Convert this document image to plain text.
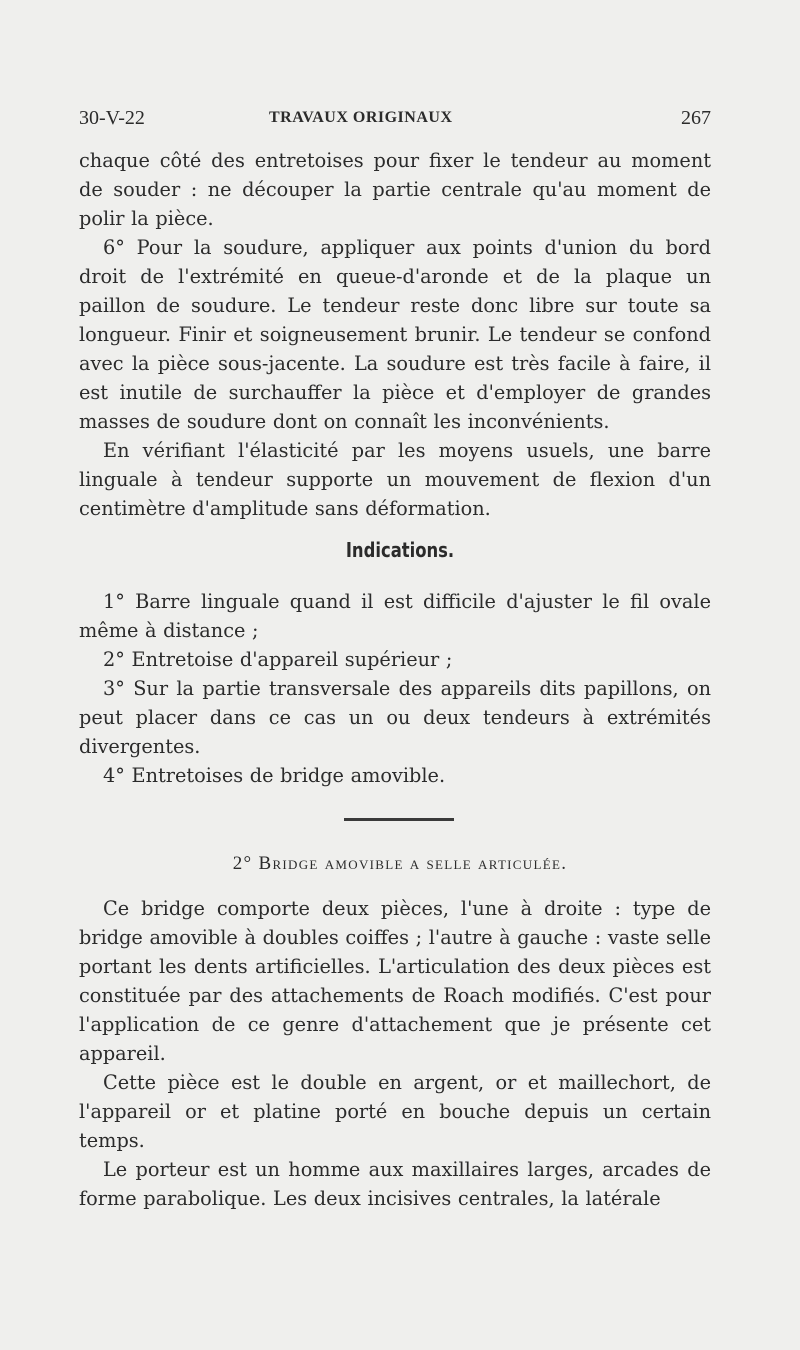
30-V-22	TRAVAUX ORIGINAUX	267

chaque côté des entretoises pour fixer le tendeur au moment de souder : ne découper la partie centrale qu'au moment de polir la pièce.

6° Pour la soudure, appliquer aux points d'union du bord droit de l'extrémité en queue-d'aronde et de la plaque un paillon de soudure. Le tendeur reste donc libre sur toute sa longueur. Finir et soigneusement brunir. Le tendeur se confond avec la pièce sous-jacente. La soudure est très facile à faire, il est inutile de surchauffer la pièce et d'employer de grandes masses de soudure dont on connaît les inconvénients.

En vérifiant l'élasticité par les moyens usuels, une barre linguale à tendeur supporte un mouvement de flexion d'un centimètre d'amplitude sans déformation.

Indications.

1° Barre linguale quand il est difficile d'ajuster le fil ovale même à distance ;

2° Entretoise d'appareil supérieur ;

3° Sur la partie transversale des appareils dits papillons, on peut placer dans ce cas un ou deux tendeurs à extrémités divergentes.

4° Entretoises de bridge amovible.

2° Bridge amovible a selle articulée.

Ce bridge comporte deux pièces, l'une à droite : type de bridge amovible à doubles coiffes ; l'autre à gauche : vaste selle portant les dents artificielles. L'articulation des deux pièces est constituée par des attachements de Roach modifiés. C'est pour l'application de ce genre d'attachement que je présente cet appareil.

Cette pièce est le double en argent, or et maillechort, de l'appareil or et platine porté en bouche depuis un certain temps.

Le porteur est un homme aux maxillaires larges, arcades de forme parabolique. Les deux incisives centrales, la latérale
